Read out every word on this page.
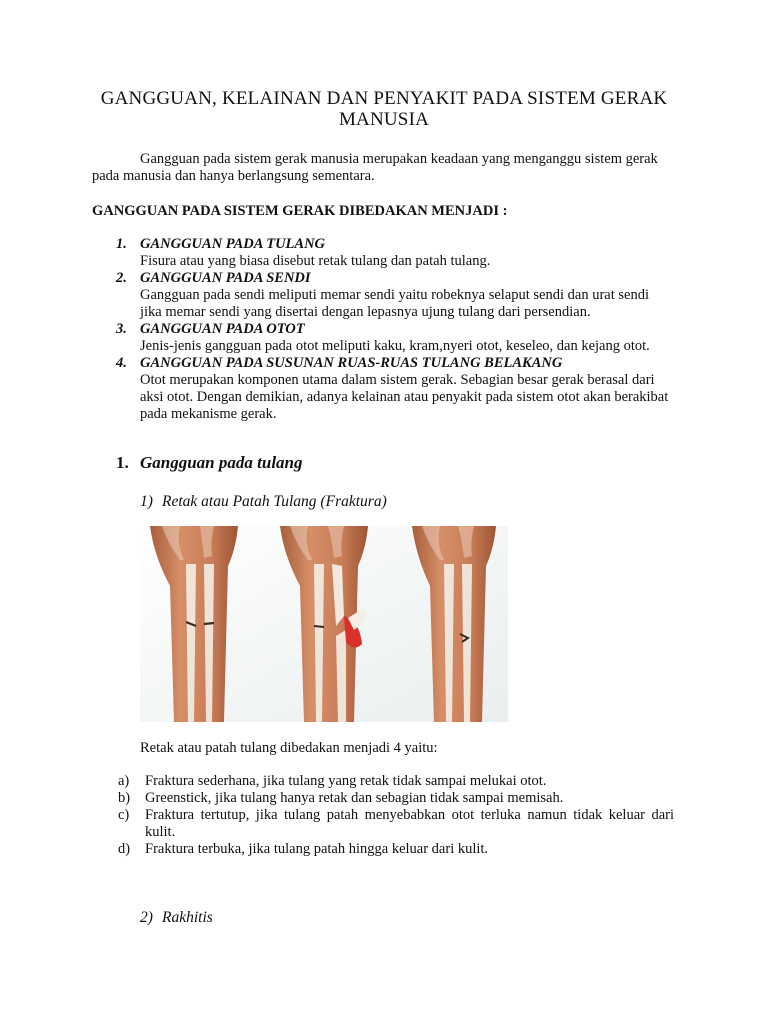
GANGGUAN, KELAINAN DAN PENYAKIT PADA SISTEM GERAK MANUSIA

Gangguan pada sistem gerak manusia merupakan keadaan yang menganggu sistem gerak pada manusia dan hanya berlangsung sementara.

GANGGUAN PADA SISTEM GERAK DIBEDAKAN MENJADI :
1. GANGGUAN PADA TULANG
Fisura atau yang biasa disebut retak tulang dan patah tulang.
2. GANGGUAN PADA SENDI
Gangguan pada sendi meliputi memar sendi yaitu robeknya selaput sendi dan urat sendi jika memar sendi yang disertai dengan lepasnya ujung tulang dari persendian.
3. GANGGUAN PADA OTOT
Jenis-jenis gangguan pada otot meliputi kaku, kram,nyeri otot, keseleo, dan kejang otot.
4. GANGGUAN PADA SUSUNAN RUAS-RUAS TULANG BELAKANG
Otot merupakan komponen utama dalam sistem gerak. Sebagian besar gerak berasal dari aksi otot. Dengan demikian, adanya kelainan atau penyakit pada sistem otot akan berakibat pada mekanisme gerak.
1. Gangguan pada tulang
1) Retak atau Patah Tulang (Fraktura)

Retak atau patah tulang dibedakan menjadi 4 yaitu:

a) Fraktura sederhana, jika tulang yang retak tidak sampai melukai otot.
b) Greenstick, jika tulang hanya retak dan sebagian tidak sampai memisah.
c) Fraktura tertutup, jika tulang patah menyebabkan otot terluka namun tidak keluar dari kulit.
d) Fraktura terbuka, jika tulang patah hingga keluar dari kulit.
2) Rakhitis
